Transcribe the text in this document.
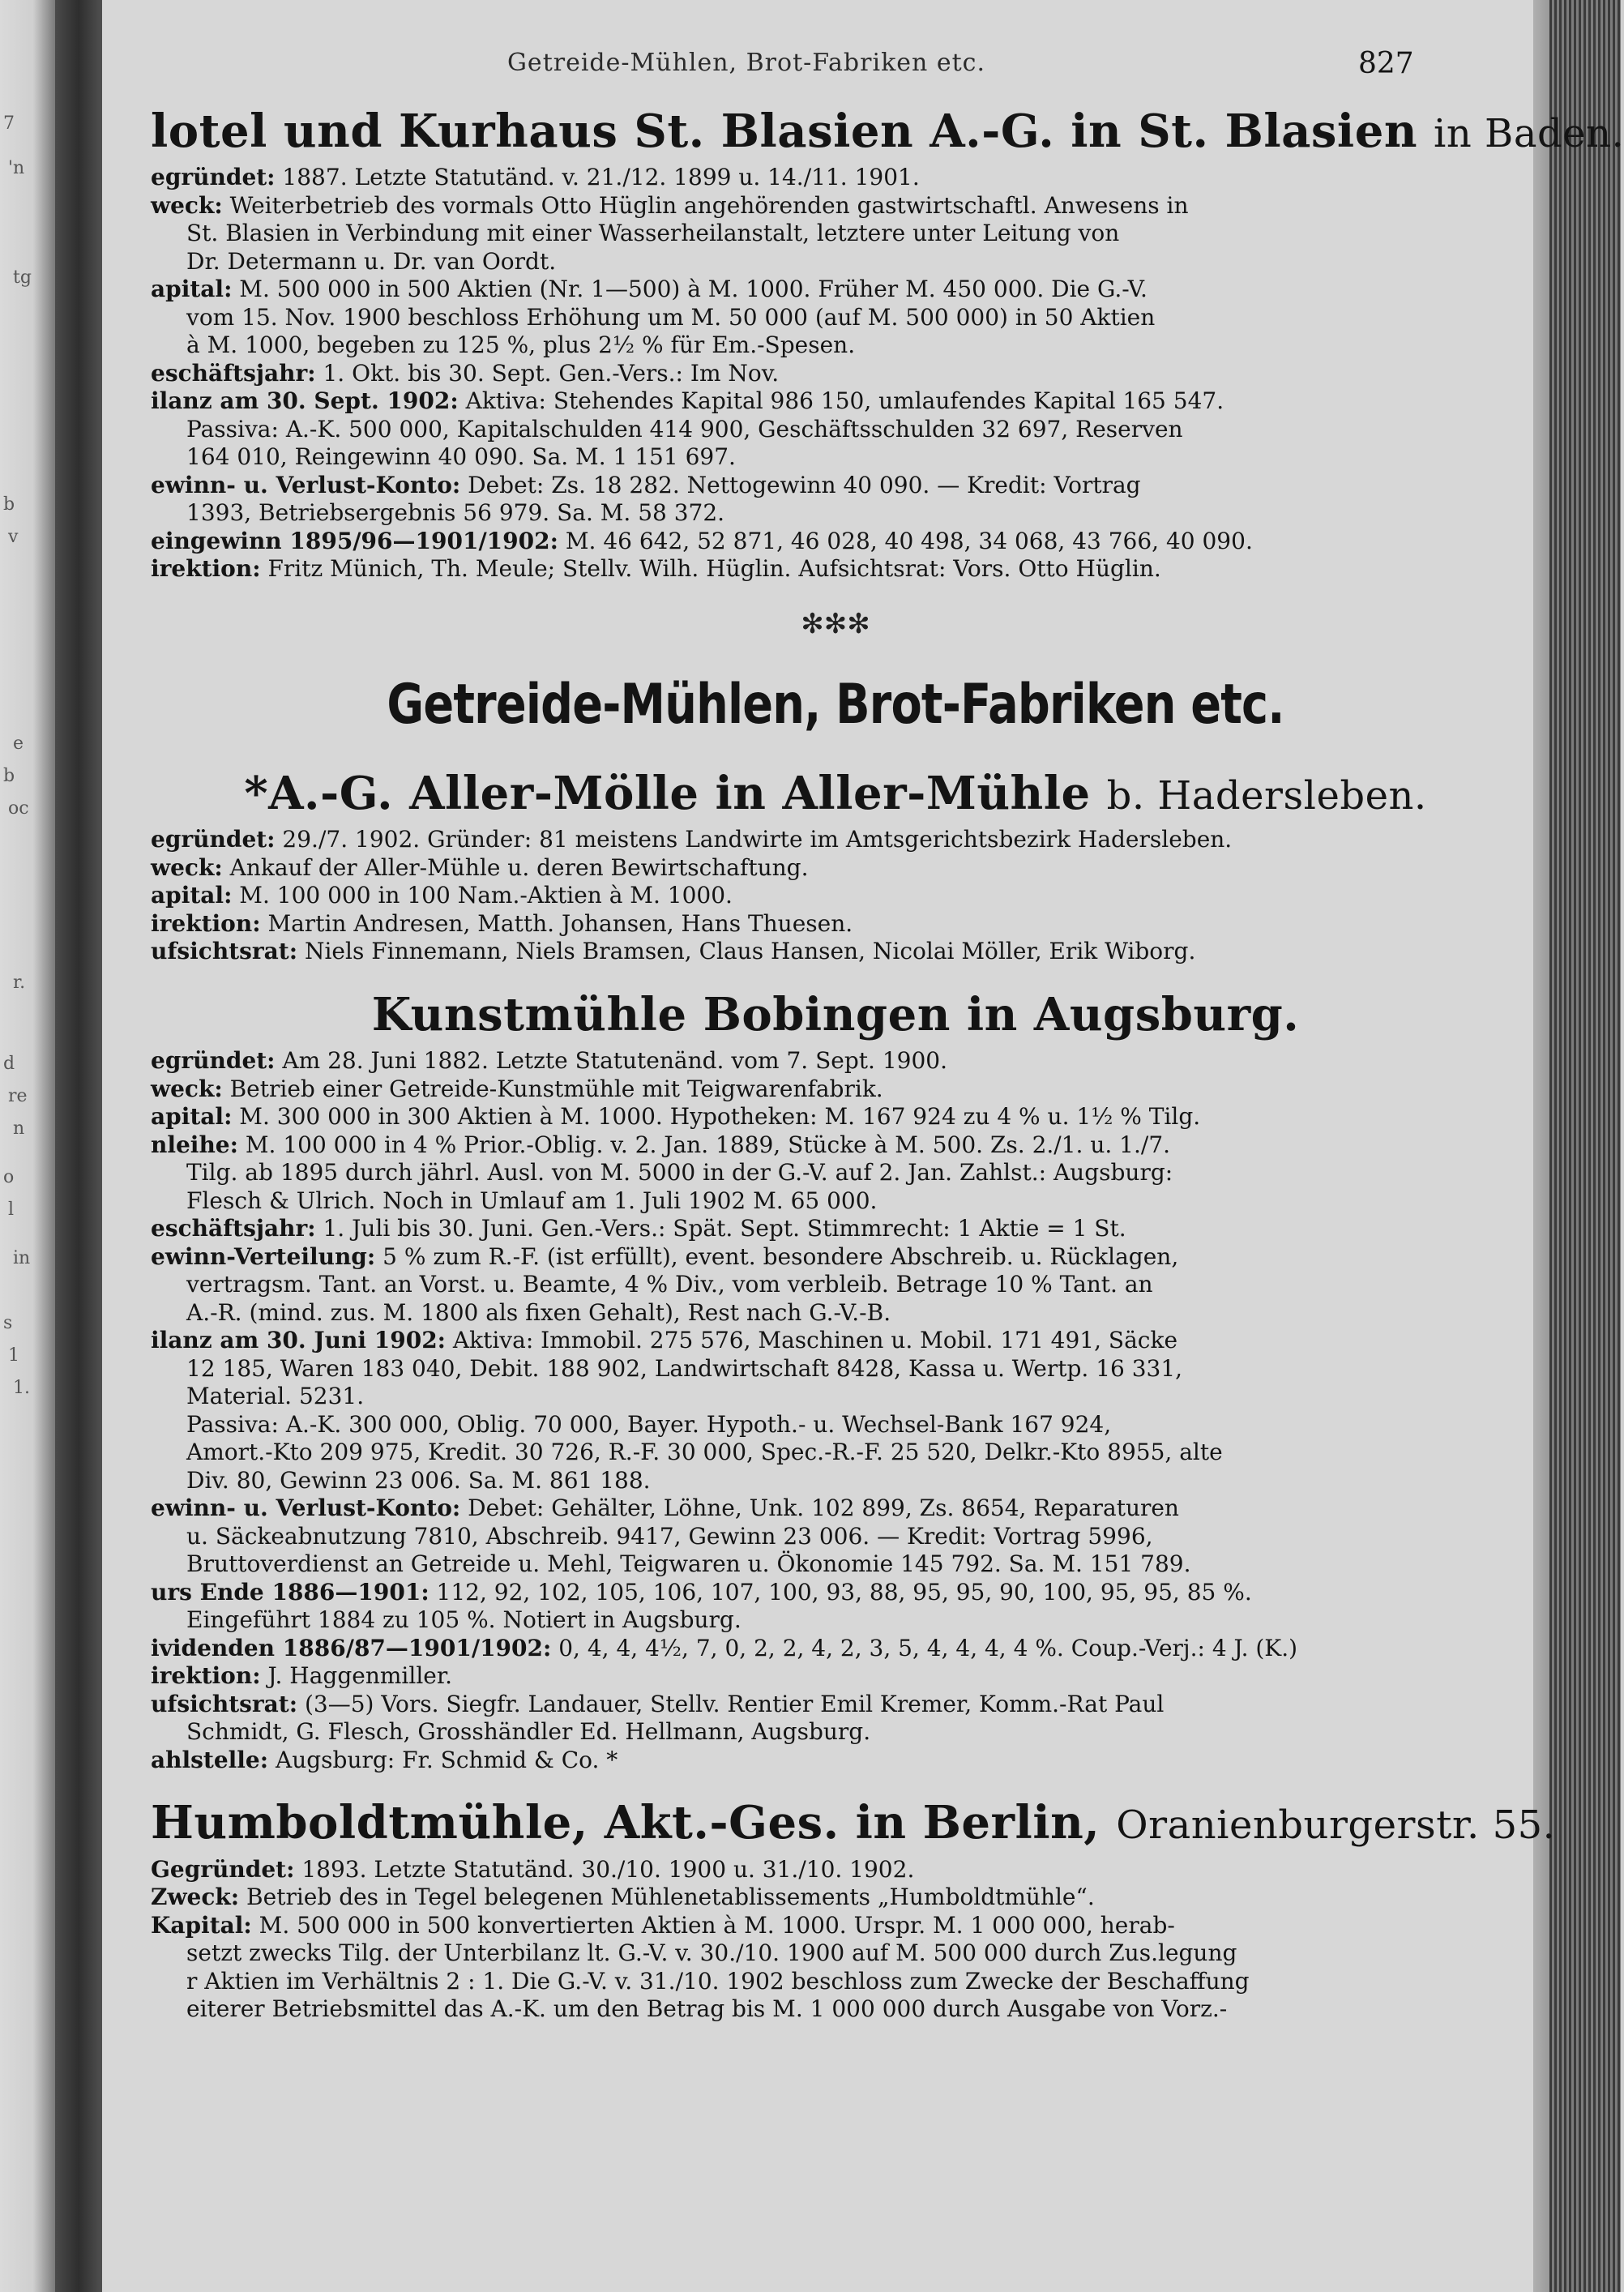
7
'n
tg
b
v
e
b
oc
r.
d
re
n
o
l
in
s
1
1.
Getreide-Mühlen, Brot-Fabriken etc.	827
lotel und Kurhaus St. Blasien A.-G. in St. Blasien in Baden.

egründet: 1887. Letzte Statutänd. v. 21./12. 1899 u. 14./11. 1901.

weck: Weiterbetrieb des vormals Otto Hüglin angehörenden gastwirtschaftl. Anwesens in

St. Blasien in Verbindung mit einer Wasserheilanstalt, letztere unter Leitung von

Dr. Determann u. Dr. van Oordt.

apital: M. 500 000 in 500 Aktien (Nr. 1—500) à M. 1000. Früher M. 450 000. Die G.-V.

vom 15. Nov. 1900 beschloss Erhöhung um M. 50 000 (auf M. 500 000) in 50 Aktien

à M. 1000, begeben zu 125 %, plus 2½ % für Em.-Spesen.

eschäftsjahr: 1. Okt. bis 30. Sept. Gen.-Vers.: Im Nov.

ilanz am 30. Sept. 1902: Aktiva: Stehendes Kapital 986 150, umlaufendes Kapital 165 547.

Passiva: A.-K. 500 000, Kapitalschulden 414 900, Geschäftsschulden 32 697, Reserven

164 010, Reingewinn 40 090. Sa. M. 1 151 697.

ewinn- u. Verlust-Konto: Debet: Zs. 18 282. Nettogewinn 40 090. — Kredit: Vortrag

1393, Betriebsergebnis 56 979. Sa. M. 58 372.

eingewinn 1895/96—1901/1902: M. 46 642, 52 871, 46 028, 40 498, 34 068, 43 766, 40 090.

irektion: Fritz Münich, Th. Meule; Stellv. Wilh. Hüglin. Aufsichtsrat: Vors. Otto Hüglin.

✻✻✻
Getreide-Mühlen, Brot-Fabriken etc.
*A.-G. Aller-Mölle in Aller-Mühle b. Hadersleben.

egründet: 29./7. 1902. Gründer: 81 meistens Landwirte im Amtsgerichtsbezirk Hadersleben.

weck: Ankauf der Aller-Mühle u. deren Bewirtschaftung.

apital: M. 100 000 in 100 Nam.-Aktien à M. 1000.

irektion: Martin Andresen, Matth. Johansen, Hans Thuesen.

ufsichtsrat: Niels Finnemann, Niels Bramsen, Claus Hansen, Nicolai Möller, Erik Wiborg.

Kunstmühle Bobingen in Augsburg.

egründet: Am 28. Juni 1882. Letzte Statutenänd. vom 7. Sept. 1900.

weck: Betrieb einer Getreide-Kunstmühle mit Teigwarenfabrik.

apital: M. 300 000 in 300 Aktien à M. 1000. Hypotheken: M. 167 924 zu 4 % u. 1½ % Tilg.

nleihe: M. 100 000 in 4 % Prior.-Oblig. v. 2. Jan. 1889, Stücke à M. 500. Zs. 2./1. u. 1./7.

Tilg. ab 1895 durch jährl. Ausl. von M. 5000 in der G.-V. auf 2. Jan. Zahlst.: Augsburg:

Flesch & Ulrich. Noch in Umlauf am 1. Juli 1902 M. 65 000.

eschäftsjahr: 1. Juli bis 30. Juni. Gen.-Vers.: Spät. Sept. Stimmrecht: 1 Aktie = 1 St.

ewinn-Verteilung: 5 % zum R.-F. (ist erfüllt), event. besondere Abschreib. u. Rücklagen,

vertragsm. Tant. an Vorst. u. Beamte, 4 % Div., vom verbleib. Betrage 10 % Tant. an

A.-R. (mind. zus. M. 1800 als fixen Gehalt), Rest nach G.-V.-B.

ilanz am 30. Juni 1902: Aktiva: Immobil. 275 576, Maschinen u. Mobil. 171 491, Säcke

12 185, Waren 183 040, Debit. 188 902, Landwirtschaft 8428, Kassa u. Wertp. 16 331,

Material. 5231.

Passiva: A.-K. 300 000, Oblig. 70 000, Bayer. Hypoth.- u. Wechsel-Bank 167 924,

Amort.-Kto 209 975, Kredit. 30 726, R.-F. 30 000, Spec.-R.-F. 25 520, Delkr.-Kto 8955, alte

Div. 80, Gewinn 23 006. Sa. M. 861 188.

ewinn- u. Verlust-Konto: Debet: Gehälter, Löhne, Unk. 102 899, Zs. 8654, Reparaturen

u. Säckeabnutzung 7810, Abschreib. 9417, Gewinn 23 006. — Kredit: Vortrag 5996,

Bruttoverdienst an Getreide u. Mehl, Teigwaren u. Ökonomie 145 792. Sa. M. 151 789.

urs Ende 1886—1901: 112, 92, 102, 105, 106, 107, 100, 93, 88, 95, 95, 90, 100, 95, 95, 85 %.

Eingeführt 1884 zu 105 %. Notiert in Augsburg.

ividenden 1886/87—1901/1902: 0, 4, 4, 4½, 7, 0, 2, 2, 4, 2, 3, 5, 4, 4, 4, 4 %. Coup.-Verj.: 4 J. (K.)

irektion: J. Haggenmiller.

ufsichtsrat: (3—5) Vors. Siegfr. Landauer, Stellv. Rentier Emil Kremer, Komm.-Rat Paul

Schmidt, G. Flesch, Grosshändler Ed. Hellmann, Augsburg.

ahlstelle: Augsburg: Fr. Schmid & Co. *

Humboldtmühle, Akt.-Ges. in Berlin, Oranienburgerstr. 55.

Gegründet: 1893. Letzte Statutänd. 30./10. 1900 u. 31./10. 1902.

Zweck: Betrieb des in Tegel belegenen Mühlenetablissements „Humboldtmühle“.

Kapital: M. 500 000 in 500 konvertierten Aktien à M. 1000. Urspr. M. 1 000 000, herab-

setzt zwecks Tilg. der Unterbilanz lt. G.-V. v. 30./10. 1900 auf M. 500 000 durch Zus.legung

r Aktien im Verhältnis 2 : 1. Die G.-V. v. 31./10. 1902 beschloss zum Zwecke der Beschaffung

eiterer Betriebsmittel das A.-K. um den Betrag bis M. 1 000 000 durch Ausgabe von Vorz.-
